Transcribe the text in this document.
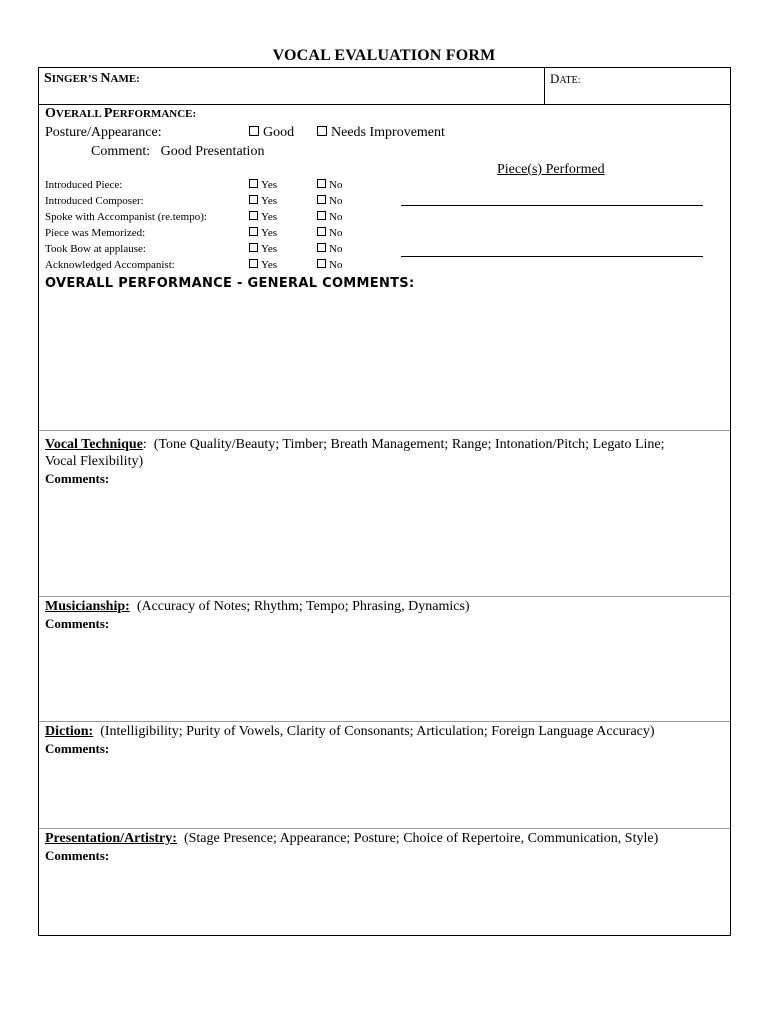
VOCAL EVALUATION FORM
SINGER’S NAME:	DATE:
OVERALL PERFORMANCE:
Posture/Appearance:	Good	Needs Improvement
Comment: Good Presentation
Piece(s) Performed
Introduced Piece:	Yes	No
Introduced Composer:	Yes	No
Spoke with Accompanist (re.tempo):	Yes	No
Piece was Memorized:	Yes	No
Took Bow at applause:	Yes	No
Acknowledged Accompanist:	Yes	No
OVERALL PERFORMANCE - GENERAL COMMENTS:
Vocal Technique: (Tone Quality/Beauty; Timber; Breath Management; Range; Intonation/Pitch; Legato Line;
Vocal Flexibility)
Comments:
Musicianship: (Accuracy of Notes; Rhythm; Tempo; Phrasing, Dynamics)
Comments:
Diction: (Intelligibility; Purity of Vowels, Clarity of Consonants; Articulation; Foreign Language Accuracy)
Comments:
Presentation/Artistry: (Stage Presence; Appearance; Posture; Choice of Repertoire, Communication, Style)
Comments:
